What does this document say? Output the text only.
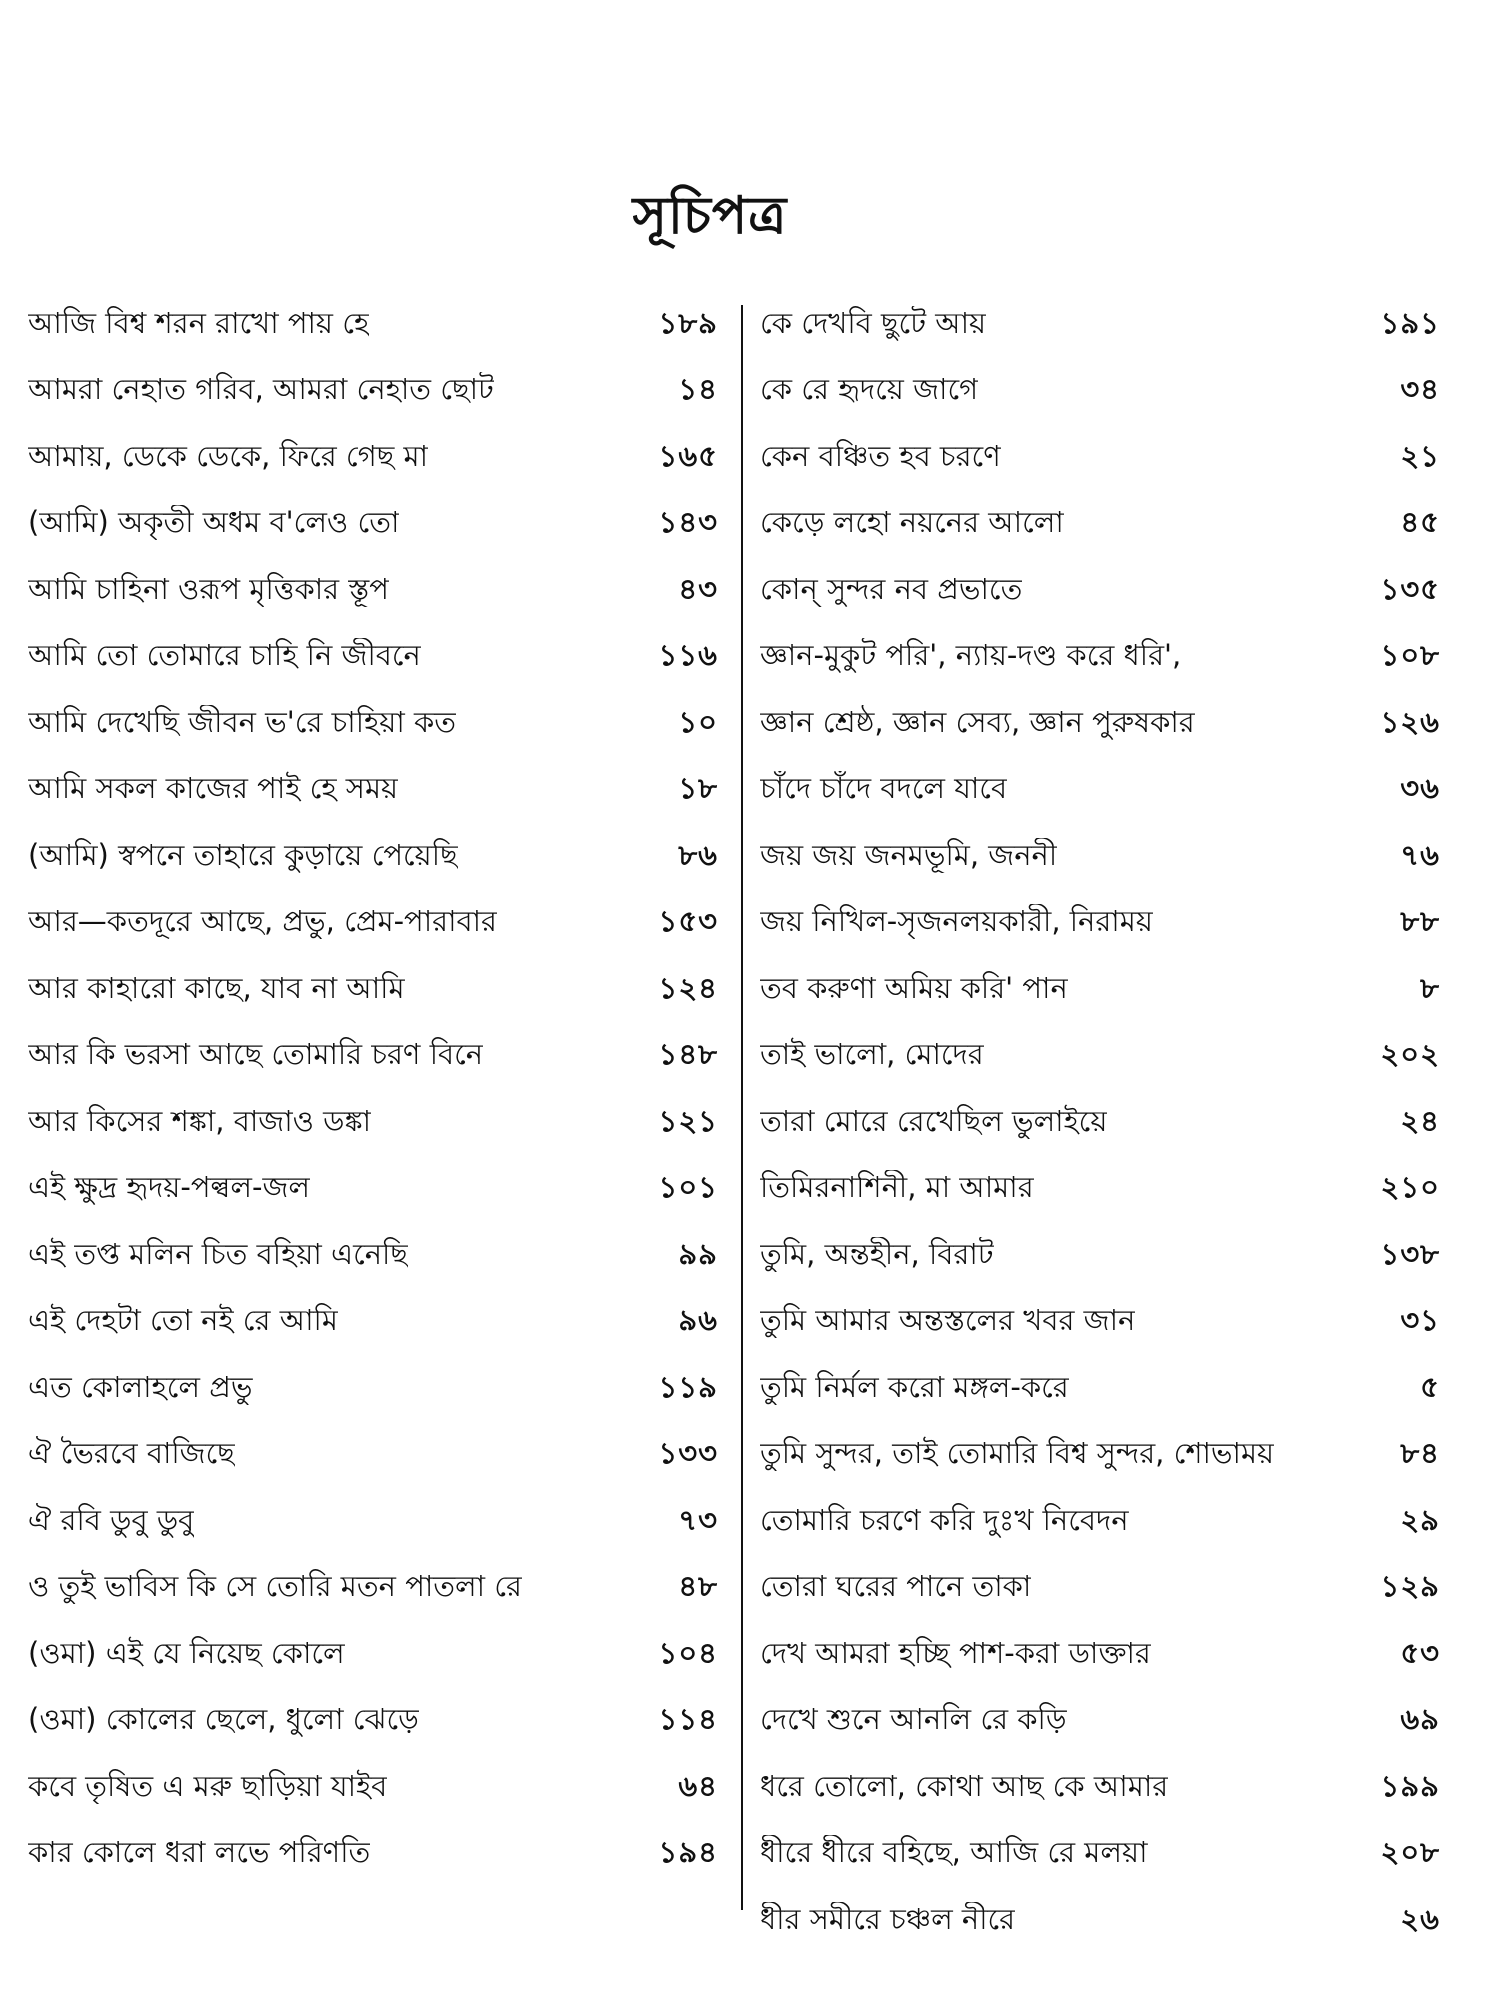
সূচিপত্র
আজি বিশ্ব শরন রাখো পায় হে	১৮৯
আমরা নেহাত গরিব, আমরা নেহাত ছোট	১৪
আমায়, ডেকে ডেকে, ফিরে গেছ মা	১৬৫
(আমি) অকৃতী অধম ব'লেও তো	১৪৩
আমি চাহিনা ওরূপ মৃত্তিকার স্তূপ	৪৩
আমি তো তোমারে চাহি নি জীবনে	১১৬
আমি দেখেছি জীবন ভ'রে চাহিয়া কত	১০
আমি সকল কাজের পাই হে সময়	১৮
(আমি) স্বপনে তাহারে কুড়ায়ে পেয়েছি	৮৬
আর—কতদূরে আছে, প্রভু, প্রেম-পারাবার	১৫৩
আর কাহারো কাছে, যাব না আমি	১২৪
আর কি ভরসা আছে তোমারি চরণ বিনে	১৪৮
আর কিসের শঙ্কা, বাজাও ডঙ্কা	১২১
এই ক্ষুদ্র হৃদয়-পল্বল-জল	১০১
এই তপ্ত মলিন চিত বহিয়া এনেছি	৯৯
এই দেহটা তো নই রে আমি	৯৬
এত কোলাহলে প্রভু	১১৯
ঐ ভৈরবে বাজিছে	১৩৩
ঐ রবি ডুবু ডুবু	৭৩
ও তুই ভাবিস কি সে তোরি মতন পাতলা রে	৪৮
(ওমা) এই যে নিয়েছ কোলে	১০৪
(ওমা) কোলের ছেলে, ধুলো ঝেড়ে	১১৪
কবে তৃষিত এ মরু ছাড়িয়া যাইব	৬৪
কার কোলে ধরা লভে পরিণতি	১৯৪
কে দেখবি ছুটে আয়	১৯১
কে রে হৃদয়ে জাগে	৩৪
কেন বঞ্চিত হব চরণে	২১
কেড়ে লহো নয়নের আলো	৪৫
কোন্ সুন্দর নব প্রভাতে	১৩৫
জ্ঞান-মুকুট পরি', ন্যায়-দণ্ড করে ধরি',	১০৮
জ্ঞান শ্রেষ্ঠ, জ্ঞান সেব্য, জ্ঞান পুরুষকার	১২৬
চাঁদে চাঁদে বদলে যাবে	৩৬
জয় জয় জনমভূমি, জননী	৭৬
জয় নিখিল-সৃজনলয়কারী, নিরাময়	৮৮
তব করুণা অমিয় করি' পান	৮
তাই ভালো, মোদের	২০২
তারা মোরে রেখেছিল ভুলাইয়ে	২৪
তিমিরনাশিনী, মা আমার	২১০
তুমি, অন্তহীন, বিরাট	১৩৮
তুমি আমার অন্তস্তলের খবর জান	৩১
তুমি নির্মল করো মঙ্গল-করে	৫
তুমি সুন্দর, তাই তোমারি বিশ্ব সুন্দর, শোভাময়	৮৪
তোমারি চরণে করি দুঃখ নিবেদন	২৯
তোরা ঘরের পানে তাকা	১২৯
দেখ আমরা হচ্ছি পাশ-করা ডাক্তার	৫৩
দেখে শুনে আনলি রে কড়ি	৬৯
ধরে তোলো, কোথা আছ কে আমার	১৯৯
ধীরে ধীরে বহিছে, আজি রে মলয়া	২০৮
ধীর সমীরে চঞ্চল নীরে	২৬
